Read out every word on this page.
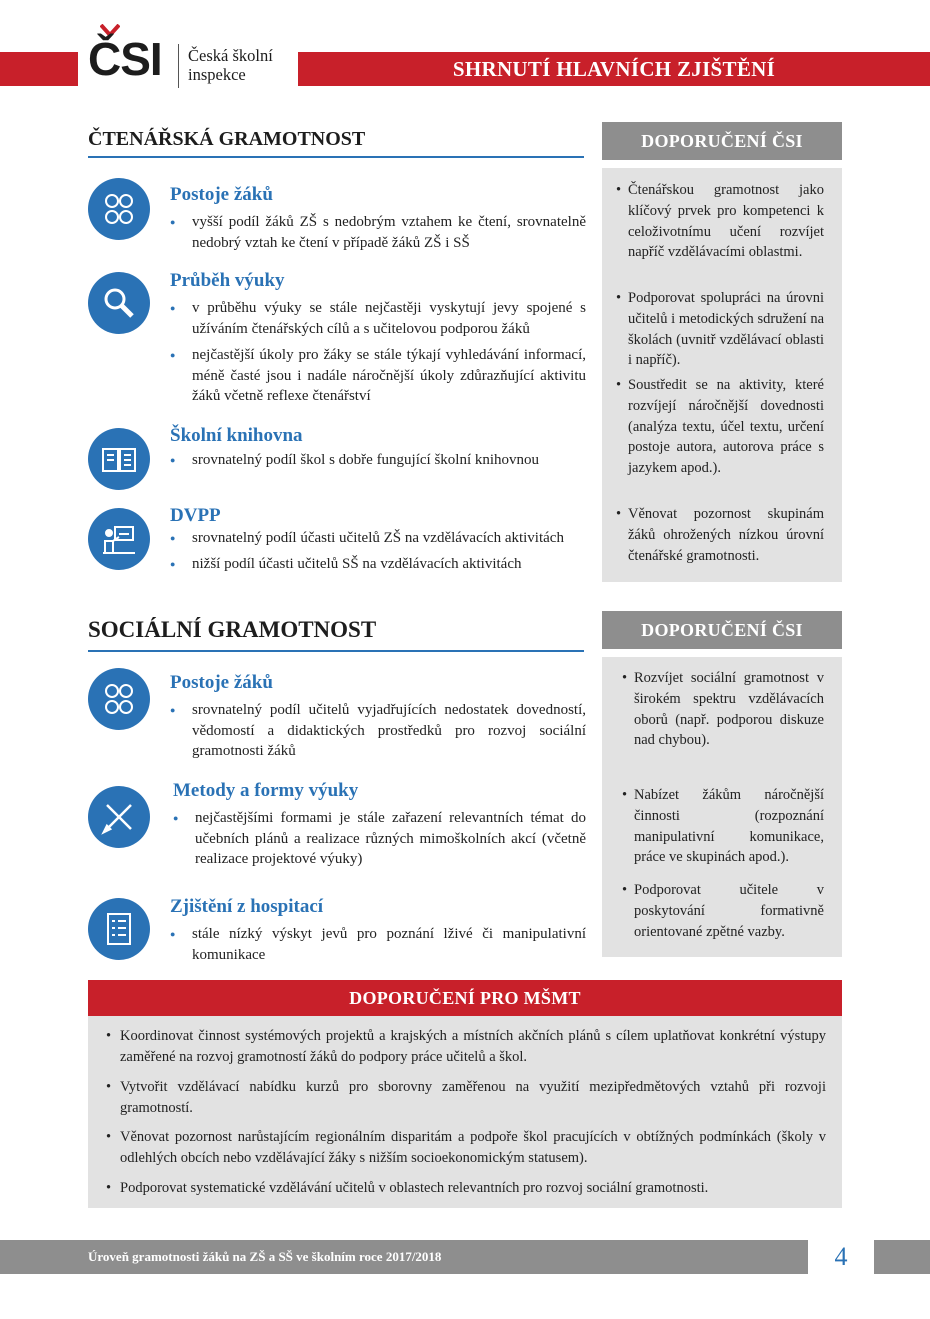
SHRNUTÍ HLAVNÍCH ZJIŠTĚNÍ
ČSI Česká školní
inspekce
ČTENÁŘSKÁ GRAMOTNOST
Postoje žáků
● vyšší podíl žáků ZŠ s nedobrým vztahem ke čtení, srovnatelně nedobrý vztah ke čtení v případě žáků ZŠ i SŠ
Průběh výuky
● v průběhu výuky se stále nejčastěji vyskytují jevy spojené s užíváním čtenářských cílů a s učitelovou podporou žáků
● nejčastější úkoly pro žáky se stále týkají vyhledávání informací, méně časté jsou i nadále náročnější úkoly zdůrazňující aktivitu žáků včetně reflexe čtenářství
Školní knihovna
● srovnatelný podíl škol s dobře fungující školní knihovnou
DVPP
● srovnatelný podíl účasti učitelů ZŠ na vzdělávacích aktivitách
● nižší podíl účasti učitelů SŠ na vzdělávacích aktivitách
DOPORUČENÍ ČSI
• Čtenářskou gramotnost jako klíčový prvek pro kompetenci k celoživotnímu učení rozvíjet napříč vzdělávacími oblastmi.
• Podporovat spolupráci na úrovni učitelů i metodických sdružení na školách (uvnitř vzdělávací oblasti i napříč).
• Soustředit se na aktivity, které rozvíjejí náročnější dovednosti (analýza textu, účel textu, určení postoje autora, autorova práce s jazykem apod.).
• Věnovat pozornost skupinám žáků ohrožených nízkou úrovní čtenářské gramotnosti.
SOCIÁLNÍ GRAMOTNOST
Postoje žáků
● srovnatelný podíl učitelů vyjadřujících nedostatek dovedností, vědomostí a didaktických prostředků pro rozvoj sociální gramotnosti žáků
Metody a formy výuky
● nejčastějšími formami je stále zařazení relevantních témat do učebních plánů a realizace různých mimoškolních akcí (včetně realizace projektové výuky)
Zjištění z hospitací
● stále nízký výskyt jevů pro poznání lživé či manipulativní komunikace
DOPORUČENÍ ČSI
• Rozvíjet sociální gramotnost v širokém spektru vzdělávacích oborů (např. podporou diskuze nad chybou).
• Nabízet žákům náročnější činnosti (rozpoznání manipulativní komunikace, práce ve skupinách apod.).
• Podporovat učitele v poskytování formativně orientované zpětné vazby.
DOPORUČENÍ PRO MŠMT
• Koordinovat činnost systémových projektů a krajských a místních akčních plánů s cílem uplatňovat konkrétní výstupy zaměřené na rozvoj gramotností žáků do podpory práce učitelů a škol.
• Vytvořit vzdělávací nabídku kurzů pro sborovny zaměřenou na využití mezipředmětových vztahů při rozvoji gramotností.
• Věnovat pozornost narůstajícím regionálním disparitám a podpoře škol pracujících v obtížných podmínkách (školy v odlehlých obcích nebo vzdělávající žáky s nižším socioekonomickým statusem).
• Podporovat systematické vzdělávání učitelů v oblastech relevantních pro rozvoj sociální gramotnosti.
Úroveň gramotnosti žáků na ZŠ a SŠ ve školním roce 2017/2018	4
